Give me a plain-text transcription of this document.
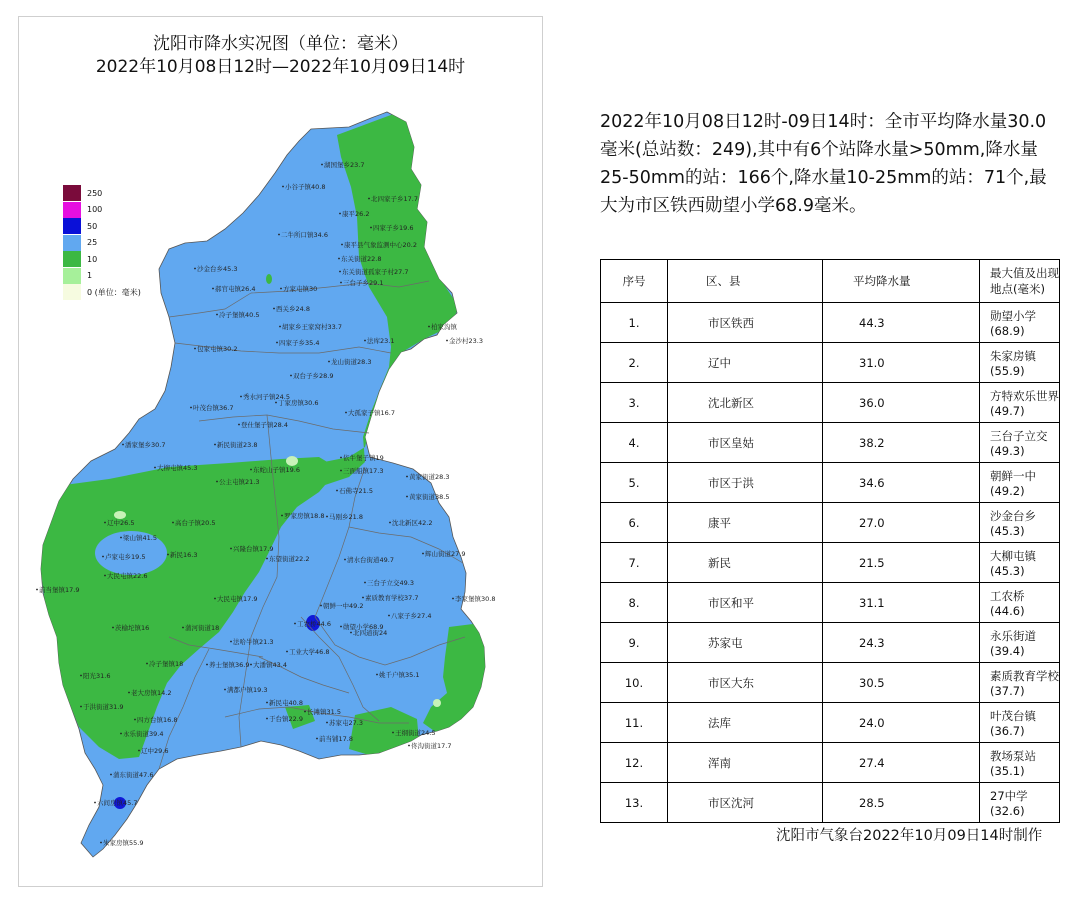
沈阳市降水实况图（单位：毫米）
2022年10月08日12时—2022年10月09日14时
湖国堡乡23.7
小谷子镇40.8
北四家子乡17.7
康平26.2
四家子乡19.6
二牛所口镇34.6
康平县气象监测中心20.2
东关街道22.8
沙金台乡45.3	东关街道孤家子村27.7
郝官屯镇26.4	方家屯镇30
三台子乡29.1
西关乡24.8
胡家乡王家窝村33.7
四家子乡35.4	法库23.1
包家屯镇30.2
柏家沟镇
金沙村23.3
龙山街道28.3
双台子乡28.9
秀水河子镇24.5
丁家房镇30.6
大孤家子镇16.7
叶茂台镇36.7
登仕堡子镇28.4
依牛堡子镇19
新民街道23.8
潘家堡乡30.7
大柳屯镇45.3	东蛇山子镇19.6	三面船镇17.3
公主屯镇21.3
石佛寺21.5
黄家街道28.3
黄家街道38.5
辽中26.5	高台子镇20.5
罗家房镇18.8 马刚乡21.8
沈北新区42.2
梁山镇41.5
兴隆台镇17.9
新民16.3	东望街道22.2	清水台街道49.7
辉山街道27.9
卢家屯乡19.5
大民屯镇22.6
三台子立交49.3
前当堡镇17.9
素质教育学校37.7
大民屯镇17.9
茨榆坨镇16	蒲河街道18
法哈牛镇21.3
朝鲜一中49.2
八家子乡27.4
李家堡镇30.8
工农桥44.6 勋望小学68.9
冷子堡镇18	养士堡镇36.9 大潘镇43.4
工业大学46.8
阳光31.6
老大房镇14.2	满都户镇19.3
新民屯40.8
姚千户镇35.1
于洪街道31.9
四方台镇16.8
长滩镇31.5
苏家屯27.3
王纲街道24.5
佟沟街道17.7
于台镇22.9
前当铺17.8
北四道街24
永乐街道39.4
辽中29.6
蒲东街道47.6
六间房镇45.7
朱家房镇55.9
冷子堡镇40.5
250
100
50
25
10
1
0 (单位：毫米)
2022年10月08日12时-09日14时：全市平均降水量30.0毫米(总站数：249),其中有6个站降水量>50mm,降水量25-50mm的站：166个,降水量10-25mm的站：71个,最大为市区铁西勋望小学68.9毫米。
序号	区、县	平均降水量	最大值及出现地点(毫米)
1.	市区铁西	44.3	勋望小学(68.9)
2.	辽中	31.0	朱家房镇(55.9)
3.	沈北新区	36.0	方特欢乐世界(49.7)
4.	市区皇姑	38.2	三台子立交(49.3)
5.	市区于洪	34.6	朝鲜一中(49.2)
6.	康平	27.0	沙金台乡(45.3)
7.	新民	21.5	大柳屯镇(45.3)
8.	市区和平	31.1	工农桥(44.6)
9.	苏家屯	24.3	永乐街道(39.4)
10.	市区大东	30.5	素质教育学校(37.7)
11.	法库	24.0	叶茂台镇(36.7)
12.	浑南	27.4	教场泵站(35.1)
13.	市区沈河	28.5	27中学(32.6)
沈阳市气象台2022年10月09日14时制作
